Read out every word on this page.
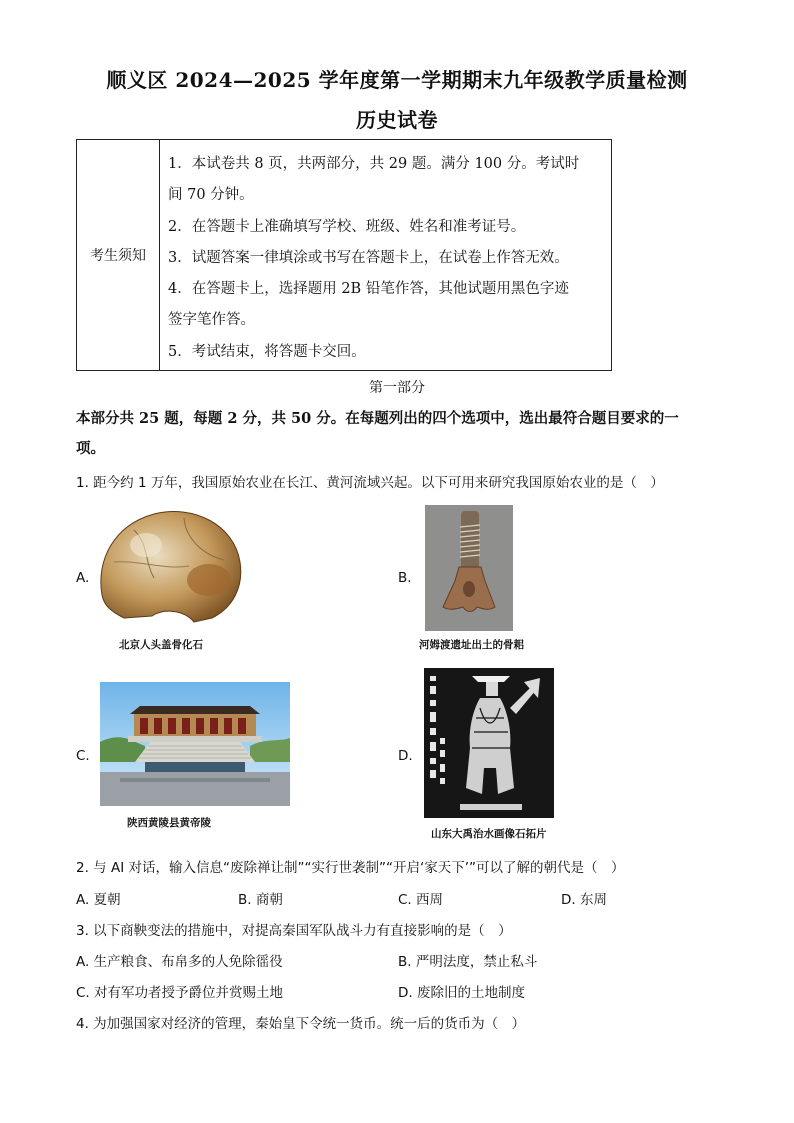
顺义区 2024—2025 学年度第一学期期末九年级教学质量检测
历史试卷
考生须知
1．本试卷共 8 页，共两部分，共 29 题。满分 100 分。考试时
间 70 分钟。
2．在答题卡上准确填写学校、班级、姓名和准考证号。
3．试题答案一律填涂或书写在答题卡上，在试卷上作答无效。
4．在答题卡上，选择题用 2B 铅笔作答，其他试题用黑色字迹
签字笔作答。
5．考试结束，将答题卡交回。
第一部分
本部分共 25 题，每题 2 分，共 50 分。在每题列出的四个选项中，选出最符合题目要求的一
项。
1. 距今约 1 万年，我国原始农业在长江、黄河流域兴起。以下可用来研究我国原始农业的是（　）
A.
北京人头盖骨化石
B.
河姆渡遗址出土的骨耜
C.
陕西黄陵县黄帝陵
D.
山东大禹治水画像石拓片
2. 与 AI 对话，输入信息“废除禅让制”“实行世袭制”“开启‘家天下’”可以了解的朝代是（　）
A. 夏朝	B. 商朝	C. 西周	D. 东周
3. 以下商鞅变法的措施中，对提高秦国军队战斗力有直接影响的是（　）
A. 生产粮食、布帛多的人免除徭役	B. 严明法度，禁止私斗
C. 对有军功者授予爵位并赏赐土地	D. 废除旧的土地制度
4. 为加强国家对经济的管理，秦始皇下令统一货币。统一后的货币为（　）
